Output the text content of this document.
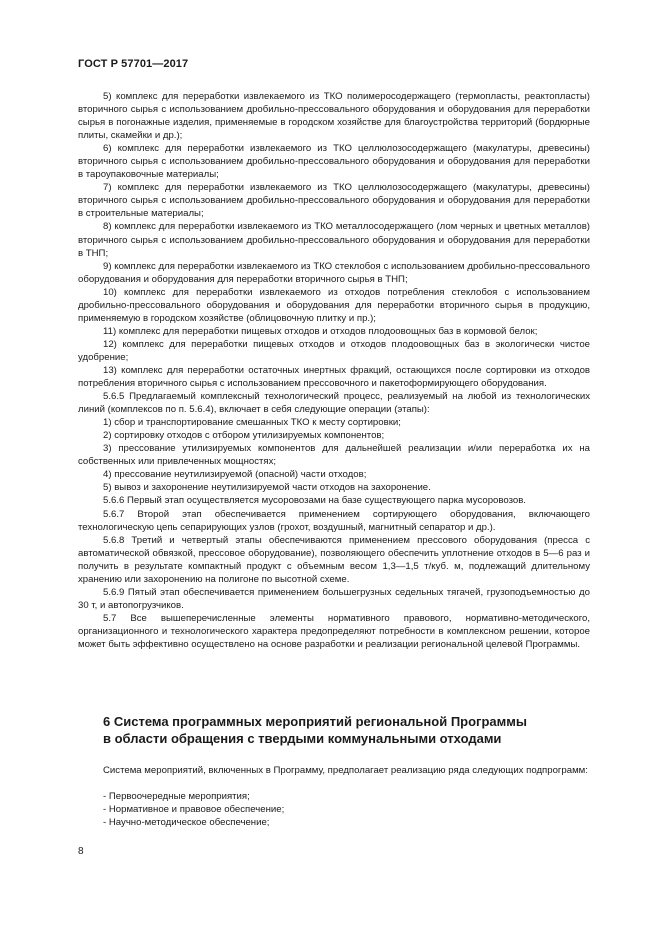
ГОСТ Р 57701—2017

5) комплекс для переработки извлекаемого из ТКО полимеросодержащего (термопласты, реактопласты) вторичного сырья с использованием дробильно-прессовального оборудования и оборудования для переработки сырья в погонажные изделия, применяемые в городском хозяйстве для благоустройства территорий (бордюрные плиты, скамейки и др.);

6) комплекс для переработки извлекаемого из ТКО целлюлозосодержащего (макулатуры, древесины) вторичного сырья с использованием дробильно-прессовального оборудования и оборудования для переработки в тароупаковочные материалы;

7) комплекс для переработки извлекаемого из ТКО целлюлозосодержащего (макулатуры, древесины) вторичного сырья с использованием дробильно-прессовального оборудования и оборудования для переработки в строительные материалы;

8) комплекс для переработки извлекаемого из ТКО металлосодержащего (лом черных и цветных металлов) вторичного сырья с использованием дробильно-прессовального оборудования и оборудования для переработки в ТНП;

9) комплекс для переработки извлекаемого из ТКО стеклобоя с использованием дробильно-прессовального оборудования и оборудования для переработки вторичного сырья в ТНП;

10) комплекс для переработки извлекаемого из отходов потребления стеклобоя с использованием дробильно-прессовального оборудования и оборудования для переработки вторичного сырья в продукцию, применяемую в городском хозяйстве (облицовочную плитку и пр.);

11) комплекс для переработки пищевых отходов и отходов плодоовощных баз в кормовой белок;

12) комплекс для переработки пищевых отходов и отходов плодоовощных баз в экологически чистое удобрение;

13) комплекс для переработки остаточных инертных фракций, остающихся после сортировки из отходов потребления вторичного сырья с использованием прессовочного и пакетоформирующего оборудования.

5.6.5 Предлагаемый комплексный технологический процесс, реализуемый на любой из технологических линий (комплексов по п. 5.6.4), включает в себя следующие операции (этапы):

1) сбор и транспортирование смешанных ТКО к месту сортировки;

2) сортировку отходов с отбором утилизируемых компонентов;

3) прессование утилизируемых компонентов для дальнейшей реализации и/или переработка их на собственных или привлеченных мощностях;

4) прессование неутилизируемой (опасной) части отходов;

5) вывоз и захоронение неутилизируемой части отходов на захоронение.

5.6.6 Первый этап осуществляется мусоровозами на базе существующего парка мусоровозов.

5.6.7 Второй этап обеспечивается применением сортирующего оборудования, включающего технологическую цепь сепарирующих узлов (грохот, воздушный, магнитный сепаратор и др.).

5.6.8 Третий и четвертый этапы обеспечиваются применением прессового оборудования (пресса с автоматической обвязкой, прессовое оборудование), позволяющего обеспечить уплотнение отходов в 5—6 раз и получить в результате компактный продукт с объемным весом 1,3—1,5 т/куб. м, подлежащий длительному хранению или захоронению на полигоне по высотной схеме.

5.6.9 Пятый этап обеспечивается применением большегрузных седельных тягачей, грузоподъемностью до 30 т, и автопогрузчиков.

5.7 Все вышеперечисленные элементы нормативного правового, нормативно-методического, организационного и технологического характера предопределяют потребности в комплексном решении, которое может быть эффективно осуществлено на основе разработки и реализации региональной целевой Программы.

6 Система программных мероприятий региональной Программы
в области обращения с твердыми коммунальными отходами

Система мероприятий, включенных в Программу, предполагает реализацию ряда следующих подпрограмм:

- Первоочередные мероприятия;
- Нормативное и правовое обеспечение;
- Научно-методическое обеспечение;
8
